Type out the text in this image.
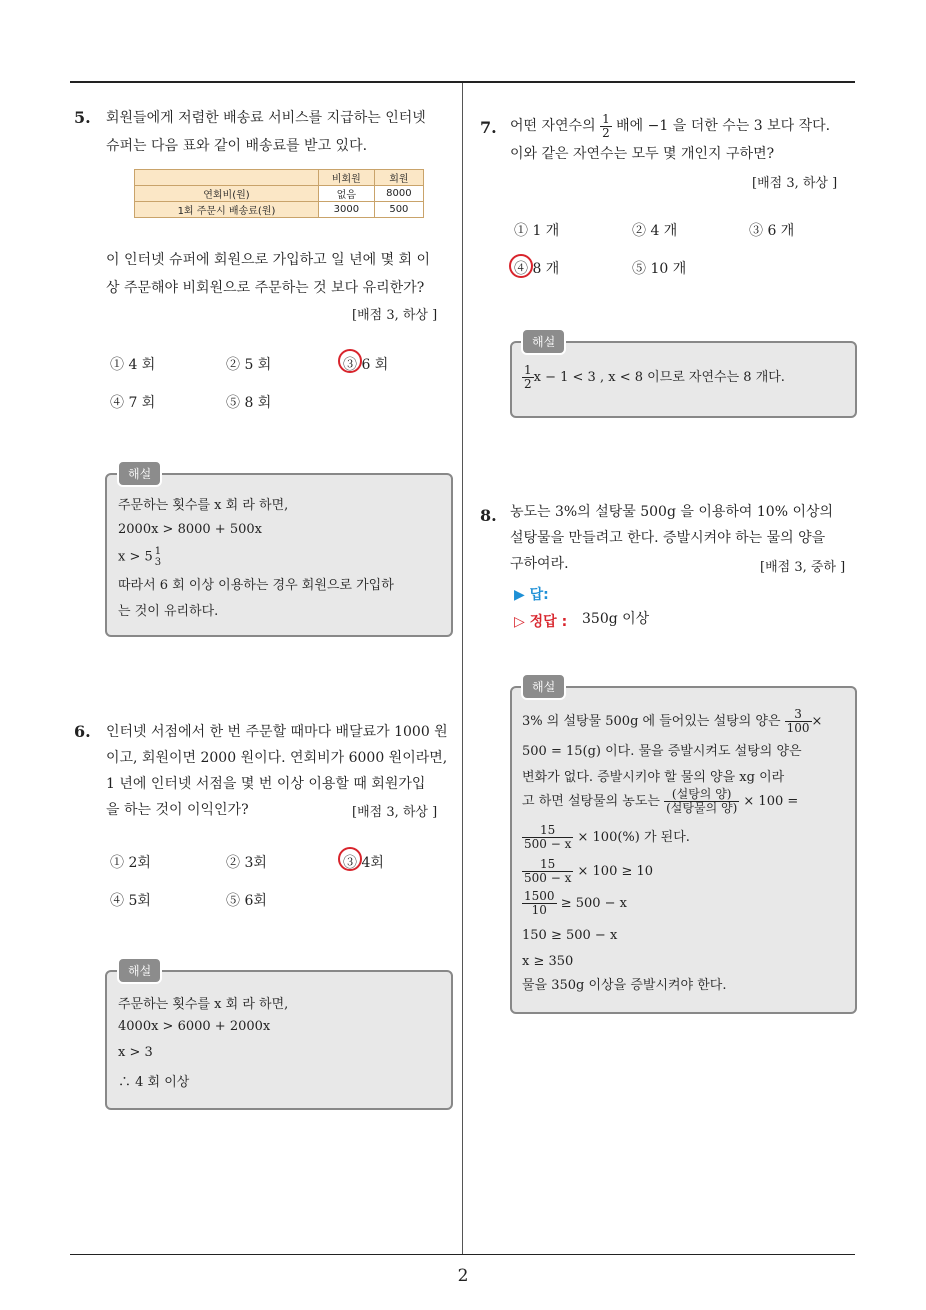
5. 회원들에게 저렴한 배송료 서비스를 지급하는 인터넷
슈퍼는 다음 표와 같이 배송료를 받고 있다.
	비회원	회원
연회비(원)	없음	8000
1회 주문시 배송료(원)	3000	500
이 인터넷 슈퍼에 회원으로 가입하고 일 년에 몇 회 이
상 주문해야 비회원으로 주문하는 것 보다 유리한가?
[배점 3, 하상 ]
① 4 회	② 5 회	③ 6 회
④ 7 회	⑤ 8 회
해설
주문하는 횟수를 x 회 라 하면,
2000x > 8000 + 500x
x > 5 1
3
따라서 6 회 이상 이용하는 경우 회원으로 가입하
는 것이 유리하다.
6. 인터넷 서점에서 한 번 주문할 때마다 배달료가 1000 원
이고, 회원이면 2000 원이다. 연회비가 6000 원이라면,
1 년에 인터넷 서점을 몇 번 이상 이용할 때 회원가입
을 하는 것이 이익인가?	[배점 3, 하상 ]
① 2회	② 3회	③ 4회
④ 5회	⑤ 6회
해설
주문하는 횟수를 x 회 라 하면,
4000x > 6000 + 2000x
x > 3
∴ 4 회 이상
7. 어떤 자연수의 $\frac{1}{2}$ 배에 −1 을 더한 수는 3 보다 작다.
이와 같은 자연수는 모두 몇 개인지 구하면?
[배점 3, 하상 ]
① 1 개	② 4 개	③ 6 개
④ 8 개	⑤ 10 개
해설
$\frac{1}{2}$ x − 1 < 3 , x < 8 이므로 자연수는 8 개다.
8. 농도는 3%의 설탕물 500g 을 이용하여 10% 이상의
설탕물을 만들려고 한다. 증발시켜야 하는 물의 양을
구하여라.	[배점 3, 중하 ]
▶ 답:
▷ 정답 : 350g 이상
해설
3% 의 설탕물 500g 에 들어있는 설탕의 양은 $\frac{3}{100}$ ×
500 = 15(g) 이다. 물을 증발시켜도 설탕의 양은
변화가 없다. 증발시키야 할 물의 양을 xg 이라
고 하면 설탕물의 농도는 $\frac{\text{(설탕의 양)}}{\text{(설탕물의 양)}} \times 100$ =
$\frac{15}{500 - x} \times 100(\%)$ 가 된다.
$\frac{15}{500 - x} \times 100 \ge 10$
$\frac{1500}{10} \ge 500 - x$
150 ≥ 500 − x
x ≥ 350
물을 350g 이상을 증발시켜야 한다.
2
